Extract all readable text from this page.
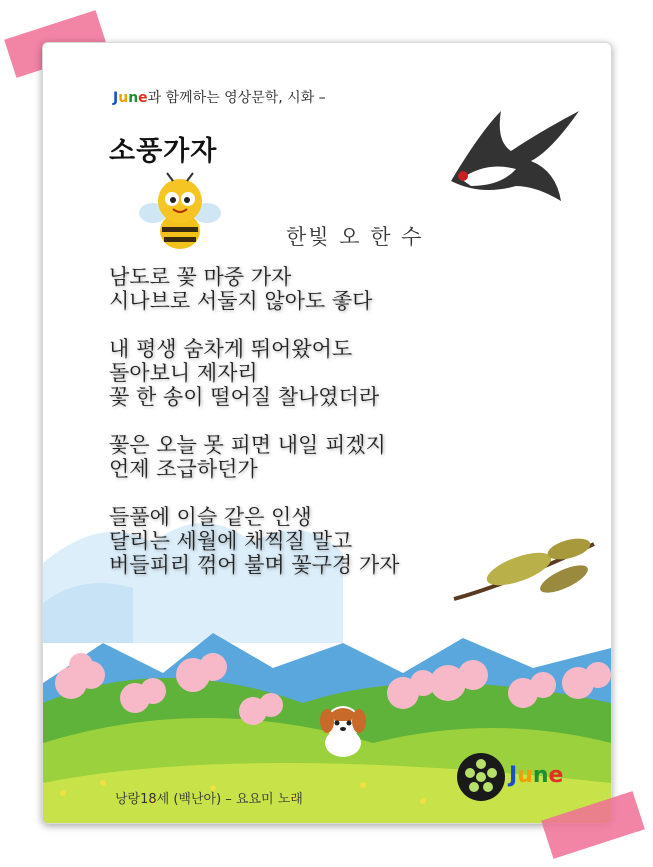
June과 함께하는 영상문학, 시화 –
소풍가자
한빛 오 한 수
남도로 꽃 마중 가자
시나브로 서둘지 않아도 좋다
내 평생 숨차게 뛰어왔어도
돌아보니 제자리
꽃 한 송이 떨어질 찰나였더라
꽃은 오늘 못 피면 내일 피겠지
언제 조급하던가
들풀에 이슬 같은 인생
달리는 세월에 채찍질 말고
버들피리 꺾어 불며 꽃구경 가자
낭랑18세 (백난아) – 요요미 노래
June
